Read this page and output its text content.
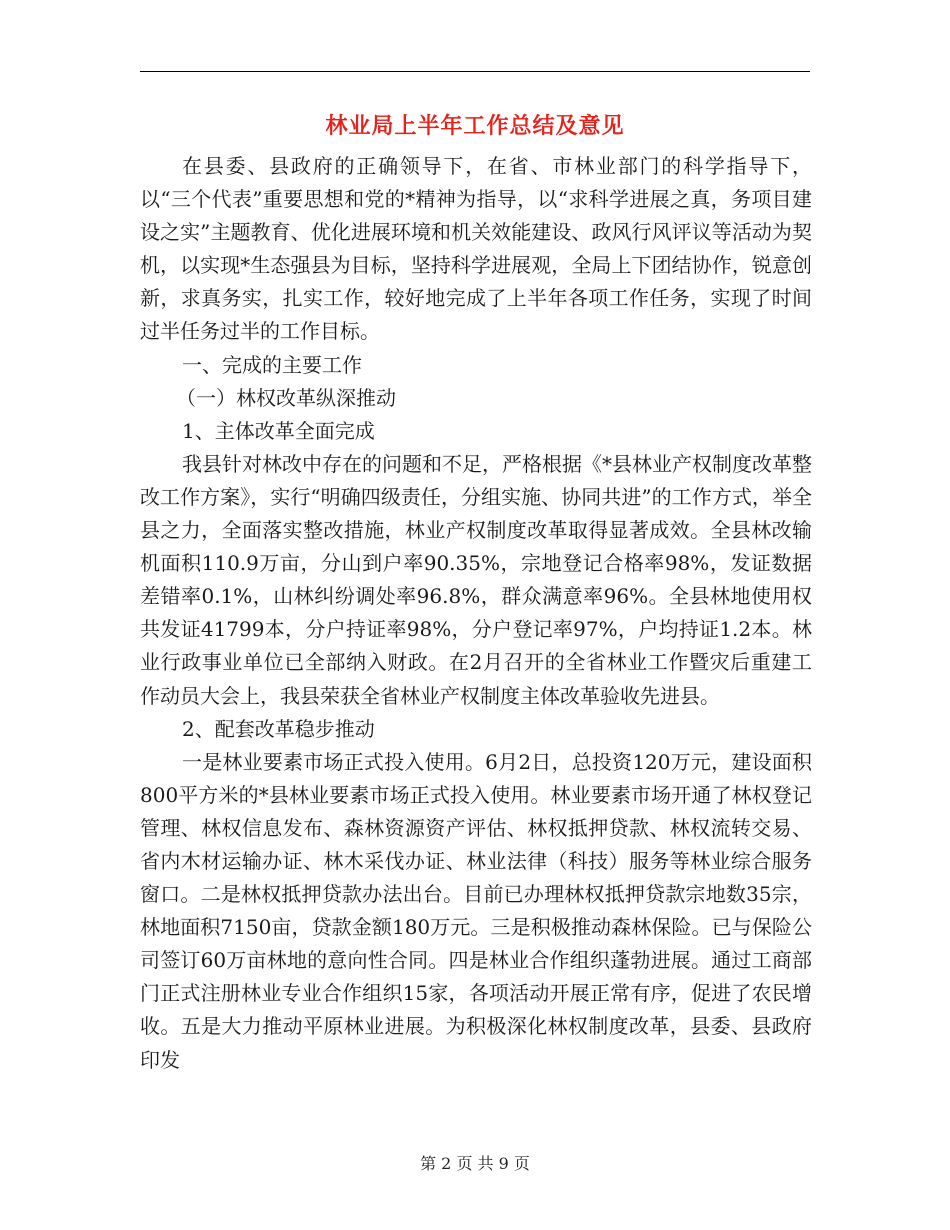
林业局上半年工作总结及意见

在县委、县政府的正确领导下，在省、市林业部门的科学指导下，以“三个代表”重要思想和党的*精神为指导，以“求科学进展之真，务项目建设之实”主题教育、优化进展环境和机关效能建设、政风行风评议等活动为契机，以实现*生态强县为目标，坚持科学进展观，全局上下团结协作，锐意创新，求真务实，扎实工作，较好地完成了上半年各项工作任务，实现了时间过半任务过半的工作目标。

一、完成的主要工作

（一）林权改革纵深推动

1、主体改革全面完成

我县针对林改中存在的问题和不足，严格根据《*县林业产权制度改革整改工作方案》，实行“明确四级责任，分组实施、协同共进”的工作方式，举全县之力，全面落实整改措施，林业产权制度改革取得显著成效。全县林改输机面积110.9万亩，分山到户率90.35%，宗地登记合格率98%，发证数据差错率0.1%，山林纠纷调处率96.8%，群众满意率96%。全县林地使用权共发证41799本，分户持证率98%，分户登记率97%，户均持证1.2本。林业行政事业单位已全部纳入财政。在2月召开的全省林业工作暨灾后重建工作动员大会上，我县荣获全省林业产权制度主体改革验收先进县。

2、配套改革稳步推动

一是林业要素市场正式投入使用。6月2日，总投资120万元，建设面积800平方米的*县林业要素市场正式投入使用。林业要素市场开通了林权登记管理、林权信息发布、森林资源资产评估、林权抵押贷款、林权流转交易、省内木材运输办证、林木采伐办证、林业法律（科技）服务等林业综合服务窗口。二是林权抵押贷款办法出台。目前已办理林权抵押贷款宗地数35宗，林地面积7150亩，贷款金额180万元。三是积极推动森林保险。已与保险公司签订60万亩林地的意向性合同。四是林业合作组织蓬勃进展。通过工商部门正式注册林业专业合作组织15家，各项活动开展正常有序，促进了农民增收。五是大力推动平原林业进展。为积极深化林权制度改革，县委、县政府印发

第 2 页 共 9 页
